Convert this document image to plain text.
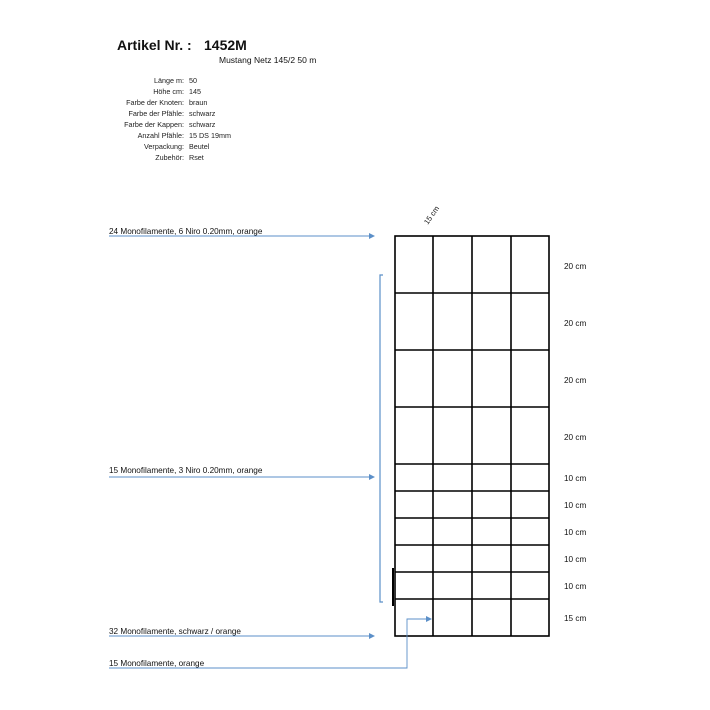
Artikel Nr. : 1452M
Mustang Netz 145/2 50 m
Länge m: 50
Höhe cm: 145
Farbe der Knoten: braun
Farbe der Pfähle: schwarz
Farbe der Kappen: schwarz
Anzahl Pfähle: 15 DS 19mm
Verpackung: Beutel
Zubehör: Rset
15 cm
24 Monofilamente, 6 Niro 0.20mm, orange
15 Monofilamente, 3 Niro 0.20mm, orange
32 Monofilamente, schwarz / orange
15 Monofilamente, orange
20 cm
20 cm
20 cm
20 cm
10 cm
10 cm
10 cm
10 cm
10 cm
15 cm
